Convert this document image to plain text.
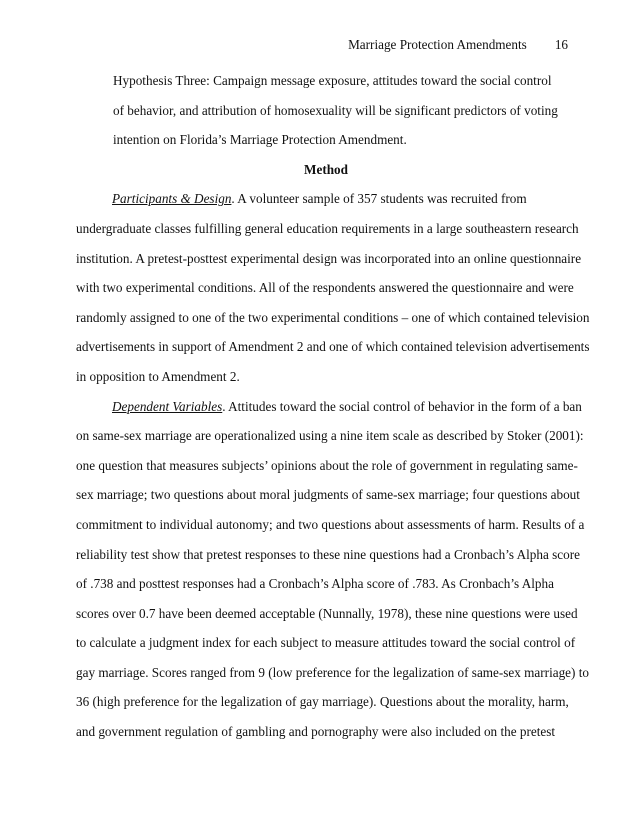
Marriage Protection Amendments 16
Hypothesis Three: Campaign message exposure, attitudes toward the social control
of behavior, and attribution of homosexuality will be significant predictors of voting
intention on Florida’s Marriage Protection Amendment.
Method
Participants & Design. A volunteer sample of 357 students was recruited from
undergraduate classes fulfilling general education requirements in a large southeastern research
institution. A pretest-posttest experimental design was incorporated into an online questionnaire
with two experimental conditions. All of the respondents answered the questionnaire and were
randomly assigned to one of the two experimental conditions – one of which contained television
advertisements in support of Amendment 2 and one of which contained television advertisements
in opposition to Amendment 2.
Dependent Variables. Attitudes toward the social control of behavior in the form of a ban
on same-sex marriage are operationalized using a nine item scale as described by Stoker (2001):
one question that measures subjects’ opinions about the role of government in regulating same-
sex marriage; two questions about moral judgments of same-sex marriage; four questions about
commitment to individual autonomy; and two questions about assessments of harm. Results of a
reliability test show that pretest responses to these nine questions had a Cronbach’s Alpha score
of .738 and posttest responses had a Cronbach’s Alpha score of .783. As Cronbach’s Alpha
scores over 0.7 have been deemed acceptable (Nunnally, 1978), these nine questions were used
to calculate a judgment index for each subject to measure attitudes toward the social control of
gay marriage. Scores ranged from 9 (low preference for the legalization of same-sex marriage) to
36 (high preference for the legalization of gay marriage). Questions about the morality, harm,
and government regulation of gambling and pornography were also included on the pretest
